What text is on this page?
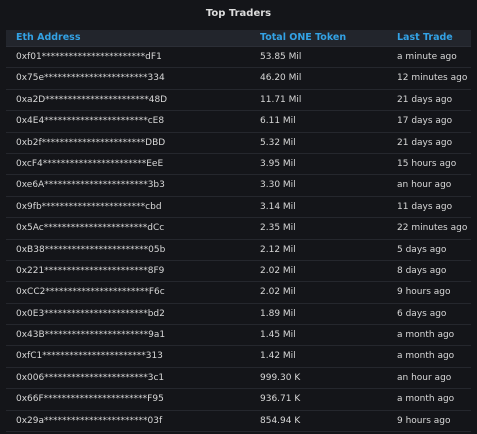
Top Traders
Eth Address	Total ONE Token	Last Trade
0xf01***********************dF1	53.85 Mil	a minute ago
0x75e***********************334	46.20 Mil	12 minutes ago
0xa2D***********************48D	11.71 Mil	21 days ago
0x4E4***********************cE8	6.11 Mil	17 days ago
0xb2f***********************DBD	5.32 Mil	21 days ago
0xcF4***********************EeE	3.95 Mil	15 hours ago
0xe6A***********************3b3	3.30 Mil	an hour ago
0x9fb***********************cbd	3.14 Mil	11 days ago
0x5Ac***********************dCc	2.35 Mil	22 minutes ago
0xB38***********************05b	2.12 Mil	5 days ago
0x221***********************8F9	2.02 Mil	8 days ago
0xCC2***********************F6c	2.02 Mil	9 hours ago
0x0E3***********************bd2	1.89 Mil	6 days ago
0x43B***********************9a1	1.45 Mil	a month ago
0xfC1***********************313	1.42 Mil	a month ago
0x006***********************3c1	999.30 K	an hour ago
0x66F***********************F95	936.71 K	a month ago
0x29a***********************03f	854.94 K	9 hours ago
